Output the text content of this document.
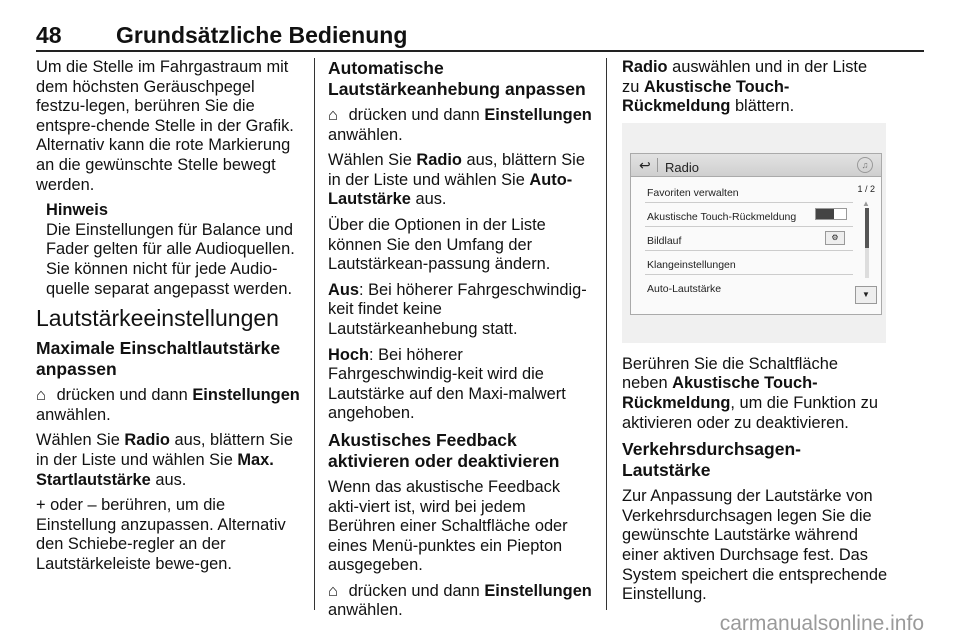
48 Grundsätzliche Bedienung

Um die Stelle im Fahrgastraum mit dem höchsten Geräuschpegel festzu-legen, berühren Sie die entspre-chende Stelle in der Grafik. Alternativ kann die rote Markierung an die gewünschte Stelle bewegt werden.

Hinweis
Die Einstellungen für Balance und Fader gelten für alle Audioquellen. Sie können nicht für jede Audio-quelle separat angepasst werden.
Lautstärkeeinstellungen
Maximale Einschaltlautstärke anpassen

⌂ drücken und dann Einstellungen anwählen.

Wählen Sie Radio aus, blättern Sie in der Liste und wählen Sie Max. Startlautstärke aus.

+ oder – berühren, um die Einstellung anzupassen. Alternativ den Schiebe-regler an der Lautstärkeleiste bewe-gen.

Automatische Lautstärkeanhebung anpassen

⌂ drücken und dann Einstellungen anwählen.

Wählen Sie Radio aus, blättern Sie in der Liste und wählen Sie Auto-Lautstärke aus.

Über die Optionen in der Liste können Sie den Umfang der Lautstärkean-passung ändern.

Aus: Bei höherer Fahrgeschwindig-keit findet keine Lautstärkeanhebung statt.

Hoch: Bei höherer Fahrgeschwindig-keit wird die Lautstärke auf den Maxi-malwert angehoben.

Akustisches Feedback aktivieren oder deaktivieren

Wenn das akustische Feedback akti-viert ist, wird bei jedem Berühren einer Schaltfläche oder eines Menü-punktes ein Piepton ausgegeben.

⌂ drücken und dann Einstellungen anwählen.

Radio auswählen und in der Liste zu Akustische Touch-Rückmeldung blättern.

↩ Radio	♫
Favoriten verwalten
Akustische Touch-Rückmeldung
Bildlauf	⚙
Klangeinstellungen
Auto-Lautstärke
1 / 2
▲
▼

Berühren Sie die Schaltfläche neben Akustische Touch-Rückmeldung, um die Funktion zu aktivieren oder zu deaktivieren.

Verkehrsdurchsagen-Lautstärke

Zur Anpassung der Lautstärke von Verkehrsdurchsagen legen Sie die gewünschte Lautstärke während einer aktiven Durchsage fest. Das System speichert die entsprechende Einstellung.

carmanualsonline.info
